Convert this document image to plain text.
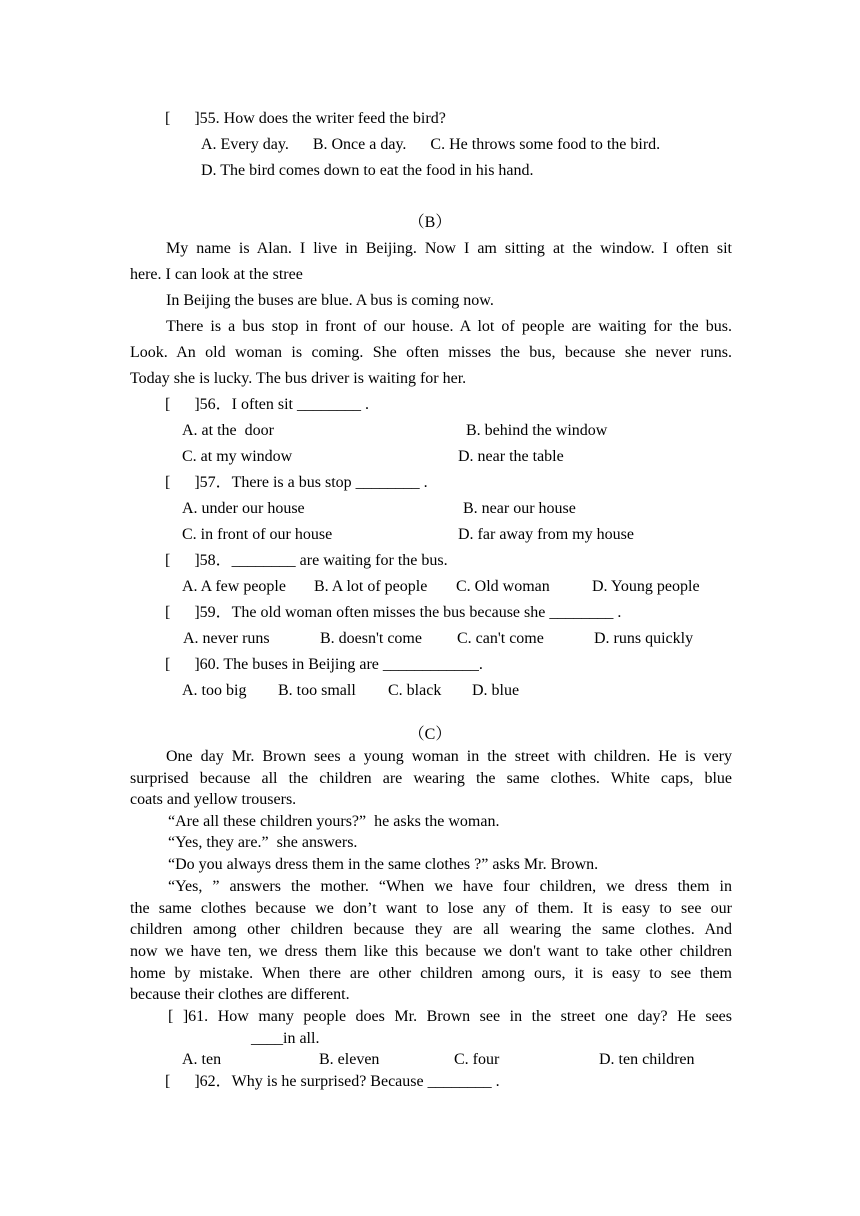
[      ]55. How does the writer feed the bird?
A. Every day.      B. Once a day.      C. He throws some food to the bird.
D. The bird comes down to eat the food in his hand.
（B）
My name is Alan. I live in Beijing. Now I am sitting at the window. I often sit
here. I can look at the stree
In Beijing the buses are blue. A bus is coming now.
There is a bus stop in front of our house. A lot of people are waiting for the bus.
Look. An old woman is coming. She often misses the bus, because she never runs.
Today she is lucky. The bus driver is waiting for her.
[      ]56．I often sit ________ .
A. at the  door	B. behind the window
C. at my window	D. near the table
[      ]57．There is a bus stop ________ .
A. under our house	B. near our house
C. in front of our house	D. far away from my house
[      ]58．________ are waiting for the bus.
A. A few people B. A lot of people C. Old woman	D. Young people
[      ]59．The old woman often misses the bus because she ________ .
A. never runs	B. doesn't come C. can't come	D. runs quickly
[      ]60. The buses in Beijing are ____________.
A. too big B. too small C. black D. blue
（C）
One day Mr. Brown sees a young woman in the street with children. He is very
surprised because all the children are wearing the same clothes. White caps, blue
coats and yellow trousers.
“Are all these children yours?”  he asks the woman.
“Yes, they are.”  she answers.
“Do you always dress them in the same clothes ?” asks Mr. Brown.
“Yes, ” answers the mother. “When we have four children, we dress them in
the same clothes because we don’t want to lose any of them. It is easy to see our
children among other children because they are all wearing the same clothes. And
now we have ten, we dress them like this because we don't want to take other children
home by mistake. When there are other children among ours, it is easy to see them
because their clothes are different.
[ ]61. How many people does Mr. Brown see in the street one day? He sees
____in all.
A. ten	B. eleven	C. four	D. ten children
[      ]62．Why is he surprised? Because ________ .
